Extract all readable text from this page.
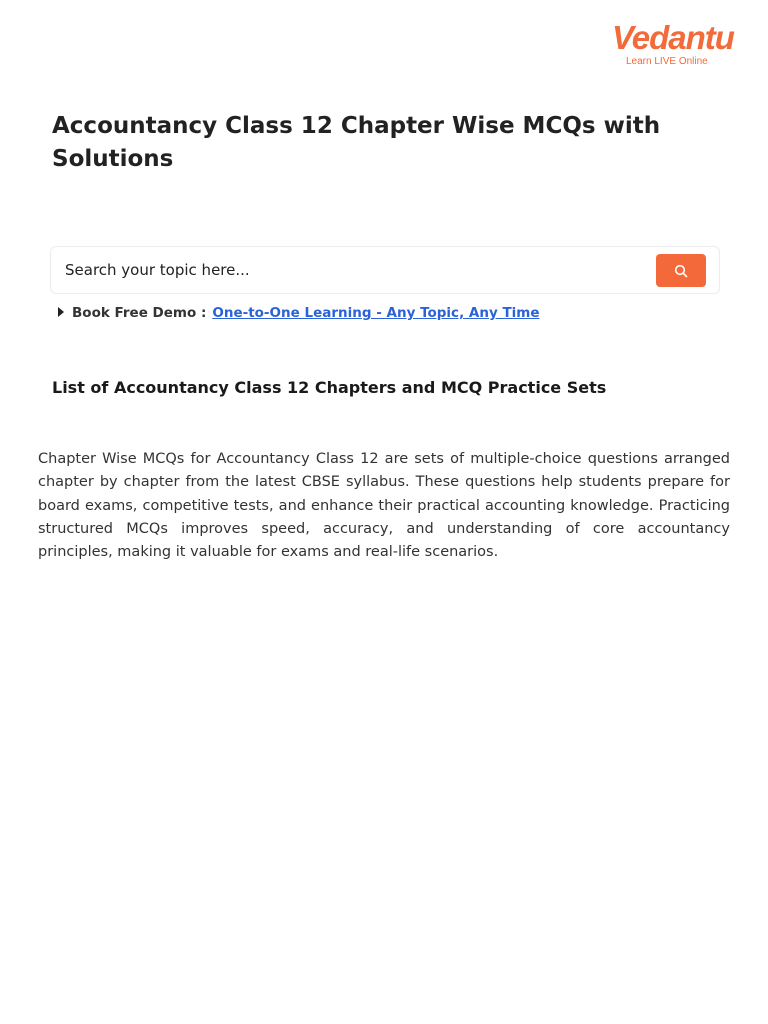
Vedantu
Learn LIVE Online
Accountancy Class 12 Chapter Wise MCQs with Solutions
Search your topic here...
Book Free Demo : One-to-One Learning - Any Topic, Any Time
List of Accountancy Class 12 Chapters and MCQ Practice Sets

Chapter Wise MCQs for Accountancy Class 12 are sets of multiple-choice questions arranged chapter by chapter from the latest CBSE syllabus. These questions help students prepare for board exams, competitive tests, and enhance their practical accounting knowledge. Practicing structured MCQs improves speed, accuracy, and understanding of core accountancy principles, making it valuable for exams and real-life scenarios.
